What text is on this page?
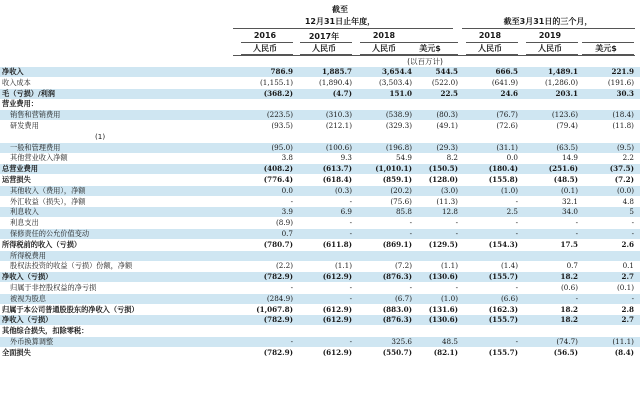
截至
12月31日止年度，	截至3月31日的三个月，
2016	2017年	2018	2018	2019
人民币	人民币	人民币	美元$	人民币	人民币	美元$
(以百万计)
净收入	786.9	1,885.7	3,654.4	544.5	666.5	1,489.1	221.9
收入成本	(1,155.1)	(1,890.4)	(3,503.4)	(522.0)	(641.9)	(1,286.0)	(191.6)
毛（亏损）/利润	(368.2)	(4.7)	151.0	22.5	24.6	203.1	30.3
营业费用：
销售和营销费用	(223.5)	(310.3)	(538.9)	(80.3)	(76.7)	(123.6)	(18.4)
研发费用	(93.5)	(212.1)	(329.3)	(49.1)	(72.6)	(79.4)	(11.8)
(1)
一般和管理费用	(95.0)	(100.6)	(196.8)	(29.3)	(31.1)	(63.5)	(9.5)
其他营业收入净额	3.8	9.3	54.9	8.2	0.0	14.9	2.2
总营业费用	(408.2)	(613.7)	(1,010.1)	(150.5)	(180.4)	(251.6)	(37.5)
运营损失	(776.4)	(618.4)	(859.1)	(128.0)	(155.8)	(48.5)	(7.2)
其他收入（费用），净额	0.0	(0.3)	(20.2)	(3.0)	(1.0)	(0.1)	(0.0)
外汇收益（损失），净额	-	-	(75.6)	(11.3)	-	32.1	4.8
利息收入	3.9	6.9	85.8	12.8	2.5	34.0	5
利息支出	(8.9)	-	-	-	-	-	-
保修责任的公允价值变动	0.7	-	-	-	-	-	-
所得税前的收入（亏损）	(780.7)	(611.8)	(869.1)	(129.5)	(154.3)	17.5	2.6
所得税费用
股权法投资的收益（亏损）份额，净额	(2.2)	(1.1)	(7.2)	(1.1)	(1.4)	0.7	0.1
净收入（亏损）	(782.9)	(612.9)	(876.3)	(130.6)	(155.7)	18.2	2.7
归属于非控股权益的净亏损	-	-	-	-	-	(0.6)	(0.1)
被视为股息	(284.9)	-	(6.7)	(1.0)	(6.6)	-	-
归属于本公司普通股股东的净收入（亏损）	(1,067.8)	(612.9)	(883.0)	(131.6)	(162.3)	18.2	2.8
净收入（亏损）	(782.9)	(612.9)	(876.3)	(130.6)	(155.7)	18.2	2.7
其他综合损失，扣除零税：
外币换算调整	-	-	325.6	48.5	-	(74.7)	(11.1)
全面损失	(782.9)	(612.9)	(550.7)	(82.1)	(155.7)	(56.5)	(8.4)
